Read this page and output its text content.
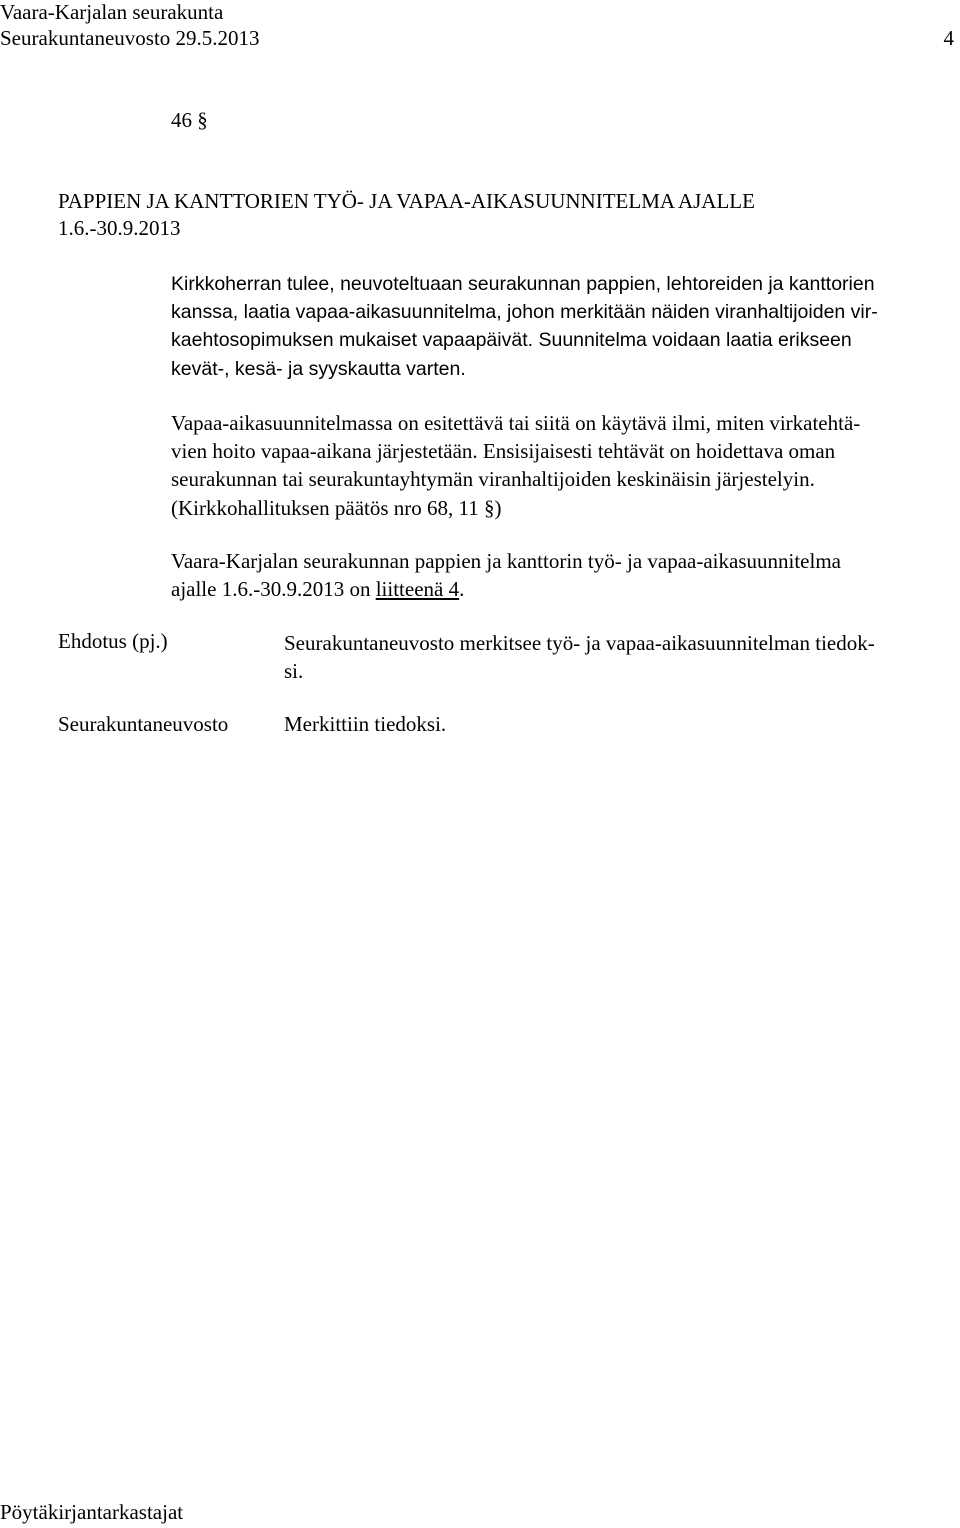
Vaara-Karjalan seurakunta
Seurakuntaneuvosto 29.5.2013	4
46 §
PAPPIEN JA KANTTORIEN TYÖ- JA VAPAA-AIKASUUNNITELMA AJALLE
1.6.-30.9.2013
Kirkkoherran tulee, neuvoteltuaan seurakunnan pappien, lehtoreiden ja kanttorien
kanssa, laatia vapaa-aikasuunnitelma, johon merkitään näiden viranhaltijoiden vir-
kaehtosopimuksen mukaiset vapaapäivät. Suunnitelma voidaan laatia erikseen
kevät-, kesä- ja syyskautta varten.
Vapaa-aikasuunnitelmassa on esitettävä tai siitä on käytävä ilmi, miten virkatehtä-
vien hoito vapaa-aikana järjestetään. Ensisijaisesti tehtävät on hoidettava oman
seurakunnan tai seurakuntayhtymän viranhaltijoiden keskinäisin järjestelyin.
(Kirkkohallituksen päätös nro 68, 11 §)
Vaara-Karjalan seurakunnan pappien ja kanttorin työ- ja vapaa-aikasuunnitelma
ajalle 1.6.-30.9.2013 on liitteenä 4.
Ehdotus (pj.)	Seurakuntaneuvosto merkitsee työ- ja vapaa-aikasuunnitelman tiedok-
si.
Seurakuntaneuvosto	Merkittiin tiedoksi.
Pöytäkirjantarkastajat
